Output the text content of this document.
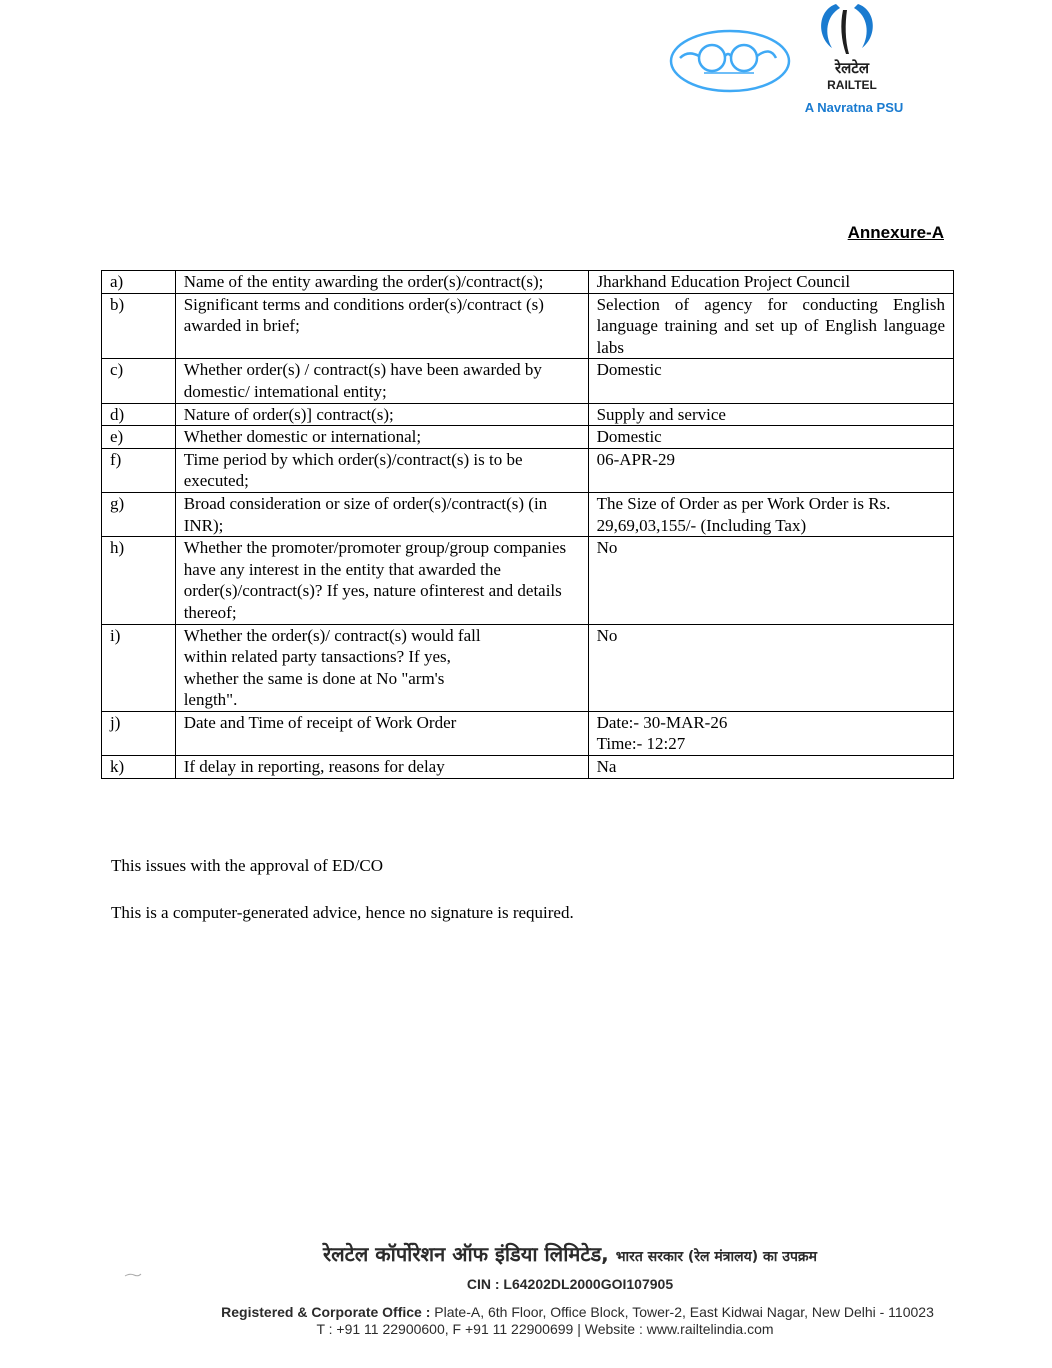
रेलटेल
RAILTEL
A Navratna PSU
Annexure-A
a)	Name of the entity awarding the order(s)/contract(s);	Jharkhand Education Project Council
b)	Significant terms and conditions order(s)/contract (s) awarded in brief;	Selection of agency for conducting English language training and set up of English language labs
c)	Whether order(s) / contract(s) have been awarded by domestic/ intemational entity;	Domestic
d)	Nature of order(s)] contract(s);	Supply and service
e)	Whether domestic or international;	Domestic
f)	Time period by which order(s)/contract(s) is to be executed;	06-APR-29
g)	Broad consideration or size of order(s)/contract(s) (in INR);	The Size of Order as per Work Order is Rs. 29,69,03,155/- (Including Tax)
h)	Whether the promoter/promoter group/group companies have any interest in the entity that awarded the order(s)/contract(s)? If yes, nature ofinterest and details thereof;	No
i)	Whether the order(s)/ contract(s) would fall
within related party tansactions? If yes,
whether the same is done at No "arm's
length".	No
j)	Date and Time of receipt of Work Order	Date:- 30-MAR-26
Time:- 12:27
k)	If delay in reporting, reasons for delay	Na
This issues with the approval of ED/CO
This is a computer-generated advice, hence no signature is required.
रेलटेल कॉर्पोरेशन ऑफ इंडिया लिमिटेड, भारत सरकार (रेल मंत्रालय) का उपक्रम
CIN : L64202DL2000GOI107905
Registered & Corporate Office : Plate-A, 6th Floor, Office Block, Tower-2, East Kidwai Nagar, New Delhi - 110023
T : +91 11 22900600, F +91 11 22900699 | Website : www.railtelindia.com
